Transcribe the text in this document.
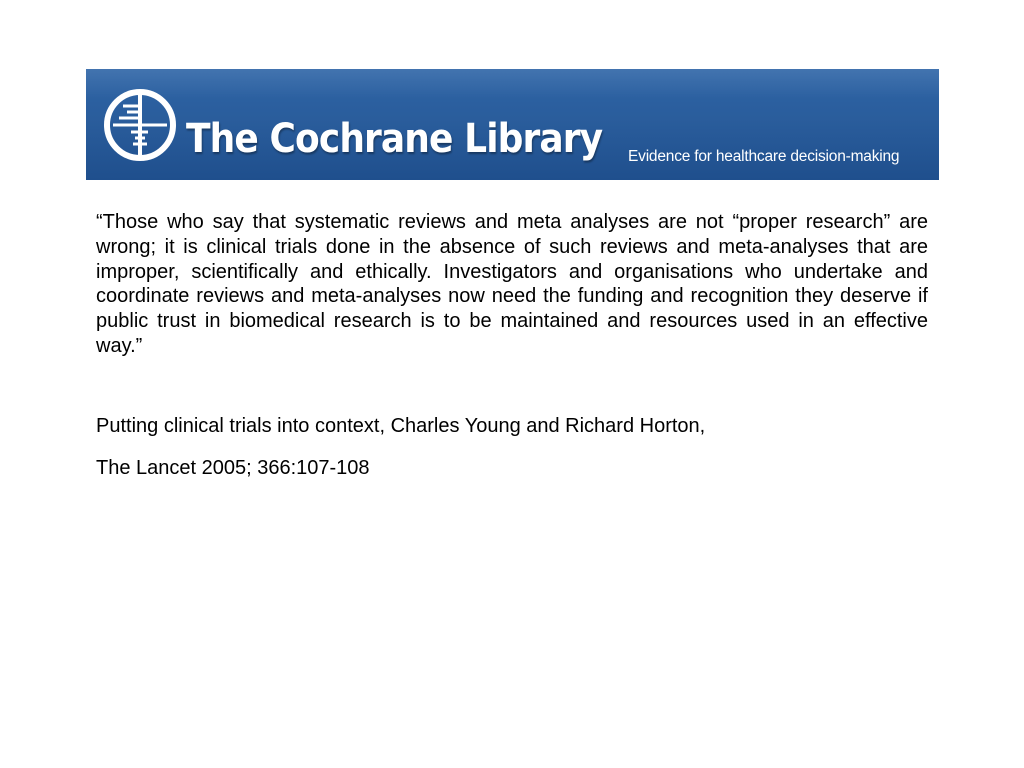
The Cochrane Library Evidence for healthcare decision-making

“Those who say that systematic reviews and meta analyses are not “proper research” are wrong; it is clinical trials done in the absence of such reviews and meta-analyses that are improper, scientifically and ethically. Investigators and organisations who undertake and coordinate reviews and meta-analyses now need the funding and recognition they deserve if public trust in biomedical research is to be maintained and resources used in an effective way.”

Putting clinical trials into context, Charles Young and Richard Horton,

The Lancet 2005; 366:107-108
